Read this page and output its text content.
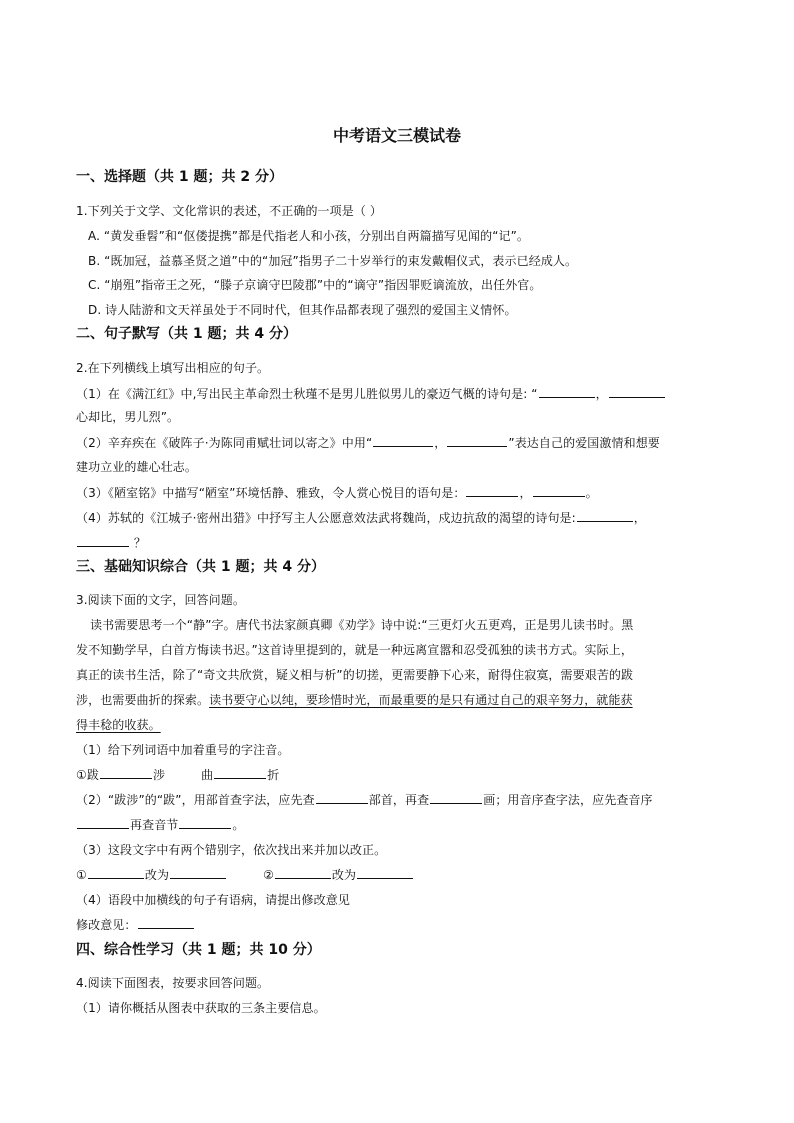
中考语文三模试卷
一、选择题（共 1 题；共 2 分）
1.下列关于文学、文化常识的表述，不正确的一项是（ ）
A. “黄发垂髫”和“伛偻提携”都是代指老人和小孩，分别出自两篇描写见闻的“记”。
B. “既加冠，益慕圣贤之道”中的“加冠”指男子二十岁举行的束发戴帽仪式，表示已经成人。
C. “崩殂”指帝王之死，“滕子京谪守巴陵郡”中的“谪守”指因罪贬谪流放，出任外官。
D. 诗人陆游和文天祥虽处于不同时代，但其作品都表现了强烈的爱国主义情怀。
二、句子默写（共 1 题；共 4 分）
2.在下列横线上填写出相应的句子。
（1）在《满江红》中,写出民主革命烈士秋瑾不是男儿胜似男儿的豪迈气概的诗句是: “	，
心却比，男儿烈”。
（2）辛弃疾在《破阵子·为陈同甫赋壮词以寄之》中用“	，	”表达自己的爱国激情和想要
建功立业的雄心壮志。
（3）《陋室铭》中描写“陋室”环境恬静、雅致，令人赏心悦目的语句是：	，	。
（4）苏轼的《江城子·密州出猎》中抒写主人公愿意效法武将魏尚，戍边抗敌的渴望的诗句是:	，
？
三、基础知识综合（共 1 题；共 4 分）
3.阅读下面的文字，回答问题。
读书需要思考一个“静”字。唐代书法家颜真卿《劝学》诗中说:“三更灯火五更鸡，正是男儿读书时。黑
发不知勤学早，白首方悔读书迟。”这首诗里提到的，就是一种远离宣嚣和忍受孤独的读书方式。实际上，
真正的读书生活，除了“奇文共欣赏，疑义相与析”的切搓，更需要静下心来，耐得住寂寞，需要艰苦的跋
涉，也需要曲折的探索。读书要守心以纯，要珍惜时光，而最重要的是只有通过自己的艰辛努力，就能获
得丰稔的收获。
（1）给下列词语中加着重号的字注音。
①跋	涉	曲	折
（2）“跋涉”的“跋”，用部首查字法，应先查	部首，再查	画；用音序查字法，应先查音序
再查音节	。
（3）这段文字中有两个错别字，依次找出来并加以改正。
①	改为	②	改为
（4）语段中加横线的句子有语病，请提出修改意见
修改意见：
四、综合性学习（共 1 题；共 10 分）
4.阅读下面图表，按要求回答问题。
（1）请你概括从图表中获取的三条主要信息。
